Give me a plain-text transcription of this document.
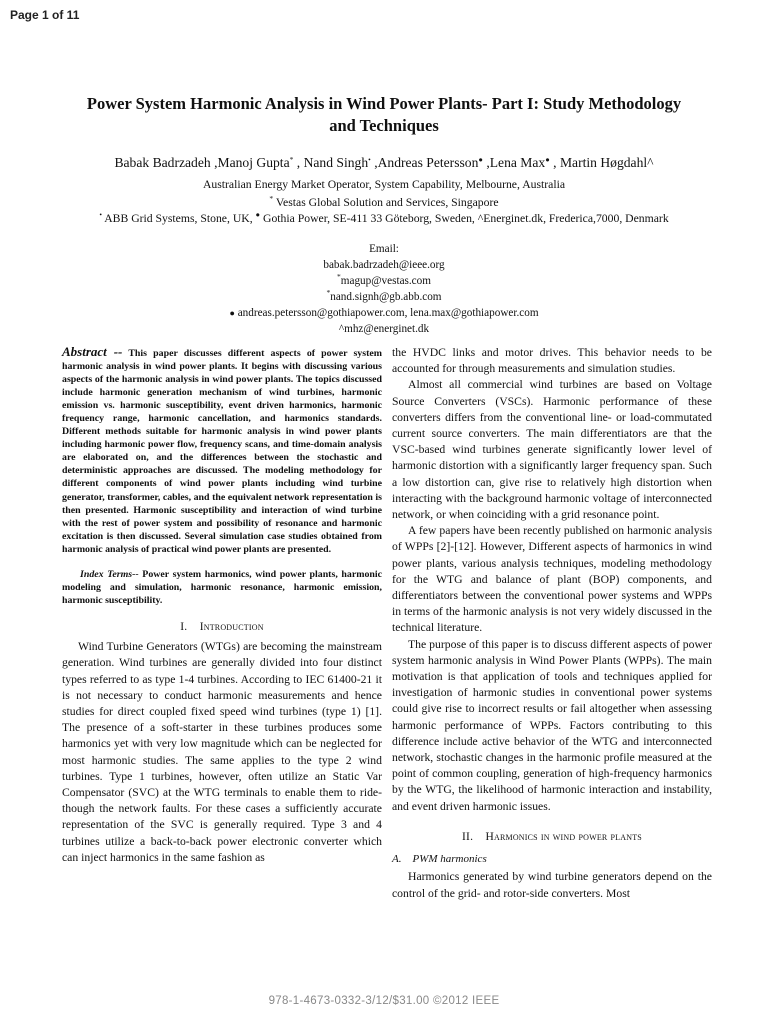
Page 1 of 11
Power System Harmonic Analysis in Wind Power Plants- Part I: Study Methodology
and Techniques
Babak Badrzadeh ,Manoj Gupta* , Nand Singh• ,Andreas Petersson● ,Lena Max● , Martin Høgdahl^
Australian Energy Market Operator, System Capability, Melbourne, Australia
* Vestas Global Solution and Services, Singapore
• ABB Grid Systems, Stone, UK, ● Gothia Power, SE-411 33 Göteborg, Sweden, ^Energinet.dk, Frederica,7000, Denmark
Email:
babak.badrzadeh@ieee.org
*magup@vestas.com
*nand.signh@gb.abb.com
● andreas.petersson@gothiapower.com, lena.max@gothiapower.com
^mhz@energinet.dk
Abstract -- This paper discusses different aspects of power system harmonic analysis in wind power plants. It begins with discussing various aspects of the harmonic analysis in wind power plants. The topics discussed include harmonic generation mechanism of wind turbines, harmonic emission vs. harmonic susceptibility, event driven harmonics, harmonic frequency range, harmonic cancellation, and harmonics standards. Different methods suitable for harmonic analysis in wind power plants including harmonic power flow, frequency scans, and time-domain analysis are elaborated on, and the differences between the stochastic and deterministic approaches are discussed. The modeling methodology for different components of wind power plants including wind turbine generator, transformer, cables, and the equivalent network representation is then presented. Harmonic susceptibility and interaction of wind turbine with the rest of power system and possibility of resonance and harmonic excitation is then discussed. Several simulation case studies obtained from harmonic analysis of practical wind power plants are presented.
Index Terms-- Power system harmonics, wind power plants, harmonic modeling and simulation, harmonic resonance, harmonic emission, harmonic susceptibility.
I. Introduction

Wind Turbine Generators (WTGs) are becoming the mainstream generation. Wind turbines are generally divided into four distinct types referred to as type 1-4 turbines. According to IEC 61400-21 it is not necessary to conduct harmonic measurements and hence studies for direct coupled fixed speed wind turbines (type 1) [1]. The presence of a soft-starter in these turbines produces some harmonics yet with very low magnitude which can be neglected for most harmonic studies. The same applies to the type 2 wind turbines. Type 1 turbines, however, often utilize an Static Var Compensator (SVC) at the WTG terminals to enable them to ride-though the network faults. For these cases a sufficiently accurate representation of the SVC is generally required. Type 3 and 4 turbines utilize a back-to-back power electronic converter which can inject harmonics in the same fashion as

the HVDC links and motor drives. This behavior needs to be accounted for through measurements and simulation studies.

Almost all commercial wind turbines are based on Voltage Source Converters (VSCs). Harmonic performance of these converters differs from the conventional line- or load-commutated current source converters. The main differentiators are that the VSC-based wind turbines generate significantly lower level of harmonic distortion with a significantly larger frequency span. Such a low distortion can, give rise to relatively high distortion when interacting with the background harmonic voltage of interconnected network, or when coinciding with a grid resonance point.

A few papers have been recently published on harmonic analysis of WPPs [2]-[12]. However, Different aspects of harmonics in wind power plants, various analysis techniques, modeling methodology for the WTG and balance of plant (BOP) components, and differentiators between the conventional power systems and WPPs in terms of the harmonic analysis is not very widely discussed in the technical literature.

The purpose of this paper is to discuss different aspects of power system harmonic analysis in Wind Power Plants (WPPs). The main motivation is that application of tools and techniques applied for investigation of harmonic studies in conventional power systems could give rise to incorrect results or fail altogether when assessing harmonic performance of WPPs. Factors contributing to this difference include active behavior of the WTG and interconnected network, stochastic changes in the harmonic profile measured at the point of common coupling, generation of high-frequency harmonics by the WTG, the likelihood of harmonic interaction and instability, and event driven harmonic issues.

II. Harmonics in wind power plants
A. PWM harmonics

Harmonics generated by wind turbine generators depend on the control of the grid- and rotor-side converters. Most

978-1-4673-0332-3/12/$31.00 ©2012 IEEE
